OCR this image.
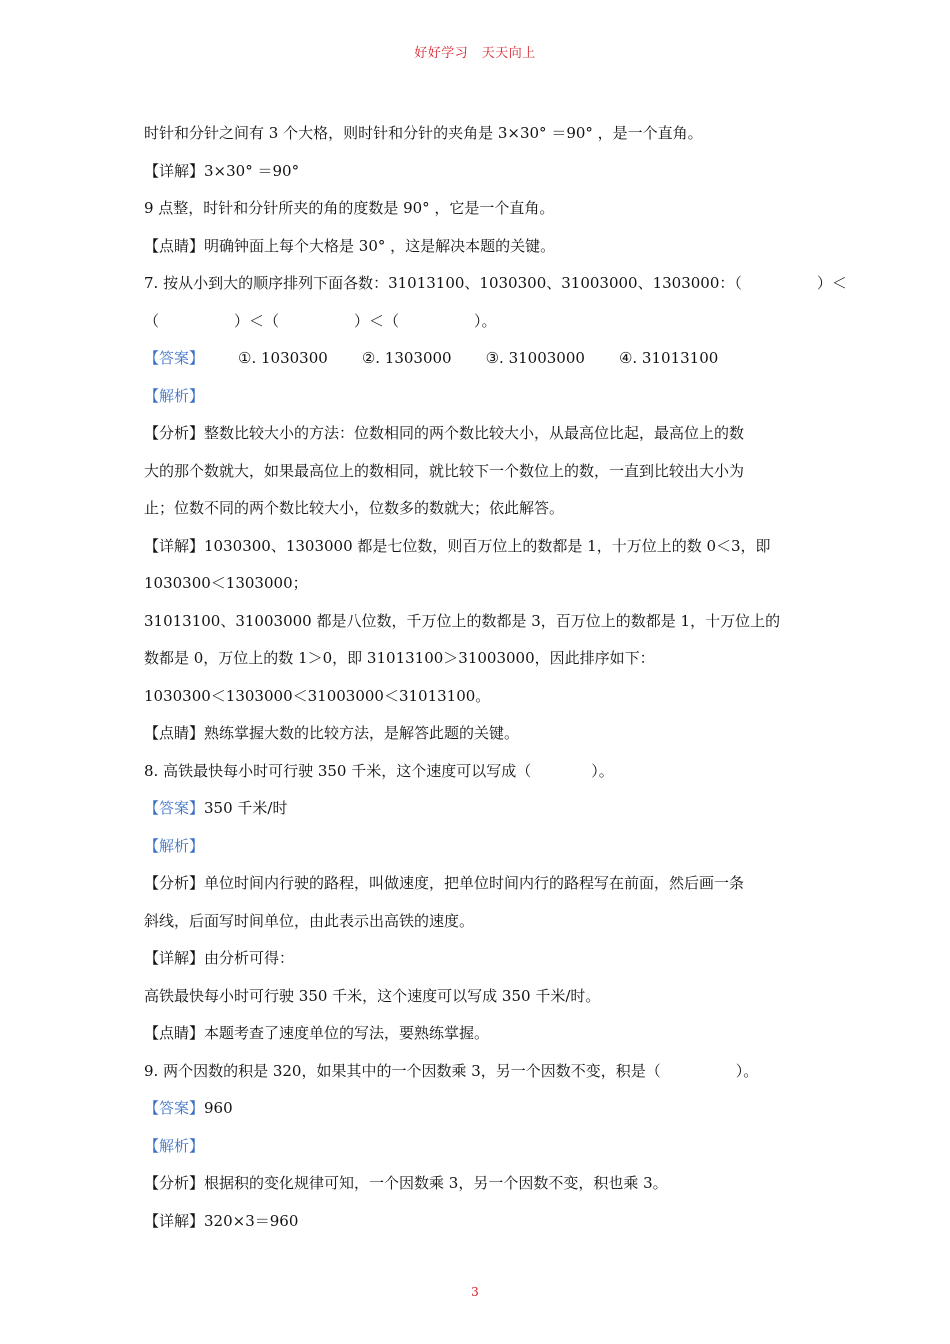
好好学习　天天向上
时针和分针之间有 3 个大格，则时针和分针的夹角是 3×30° ＝90° ，是一个直角。
【详解】3×30° ＝90°
9 点整，时针和分针所夹的角的度数是 90° ，它是一个直角。
【点睛】明确钟面上每个大格是 30° ，这是解决本题的关键。
7. 按从小到大的顺序排列下面各数：31013100、1030300、31003000、1303000：（　　　　　）＜
（　　　　　）＜（　　　　　）＜（　　　　　）。
【答案】 ①. 1030300 ②. 1303000 ③. 31003000 ④. 31013100
【解析】
【分析】整数比较大小的方法：位数相同的两个数比较大小，从最高位比起，最高位上的数
大的那个数就大，如果最高位上的数相同，就比较下一个数位上的数，一直到比较出大小为
止；位数不同的两个数比较大小，位数多的数就大；依此解答。
【详解】1030300、1303000 都是七位数，则百万位上的数都是 1，十万位上的数 0＜3，即
1030300＜1303000；
31013100、31003000 都是八位数，千万位上的数都是 3，百万位上的数都是 1，十万位上的
数都是 0，万位上的数 1＞0，即 31013100＞31003000，因此排序如下：
1030300＜1303000＜31003000＜31013100。
【点睛】熟练掌握大数的比较方法，是解答此题的关键。
8. 高铁最快每小时可行驶 350 千米，这个速度可以写成（　　　　）。
【答案】350 千米/时
【解析】
【分析】单位时间内行驶的路程，叫做速度，把单位时间内行的路程写在前面，然后画一条
斜线，后面写时间单位，由此表示出高铁的速度。
【详解】由分析可得：
高铁最快每小时可行驶 350 千米，这个速度可以写成 350 千米/时。
【点睛】本题考查了速度单位的写法，要熟练掌握。
9. 两个因数的积是 320，如果其中的一个因数乘 3，另一个因数不变，积是（　　　　　）。
【答案】960
【解析】
【分析】根据积的变化规律可知，一个因数乘 3，另一个因数不变，积也乘 3。
【详解】320×3＝960
3
